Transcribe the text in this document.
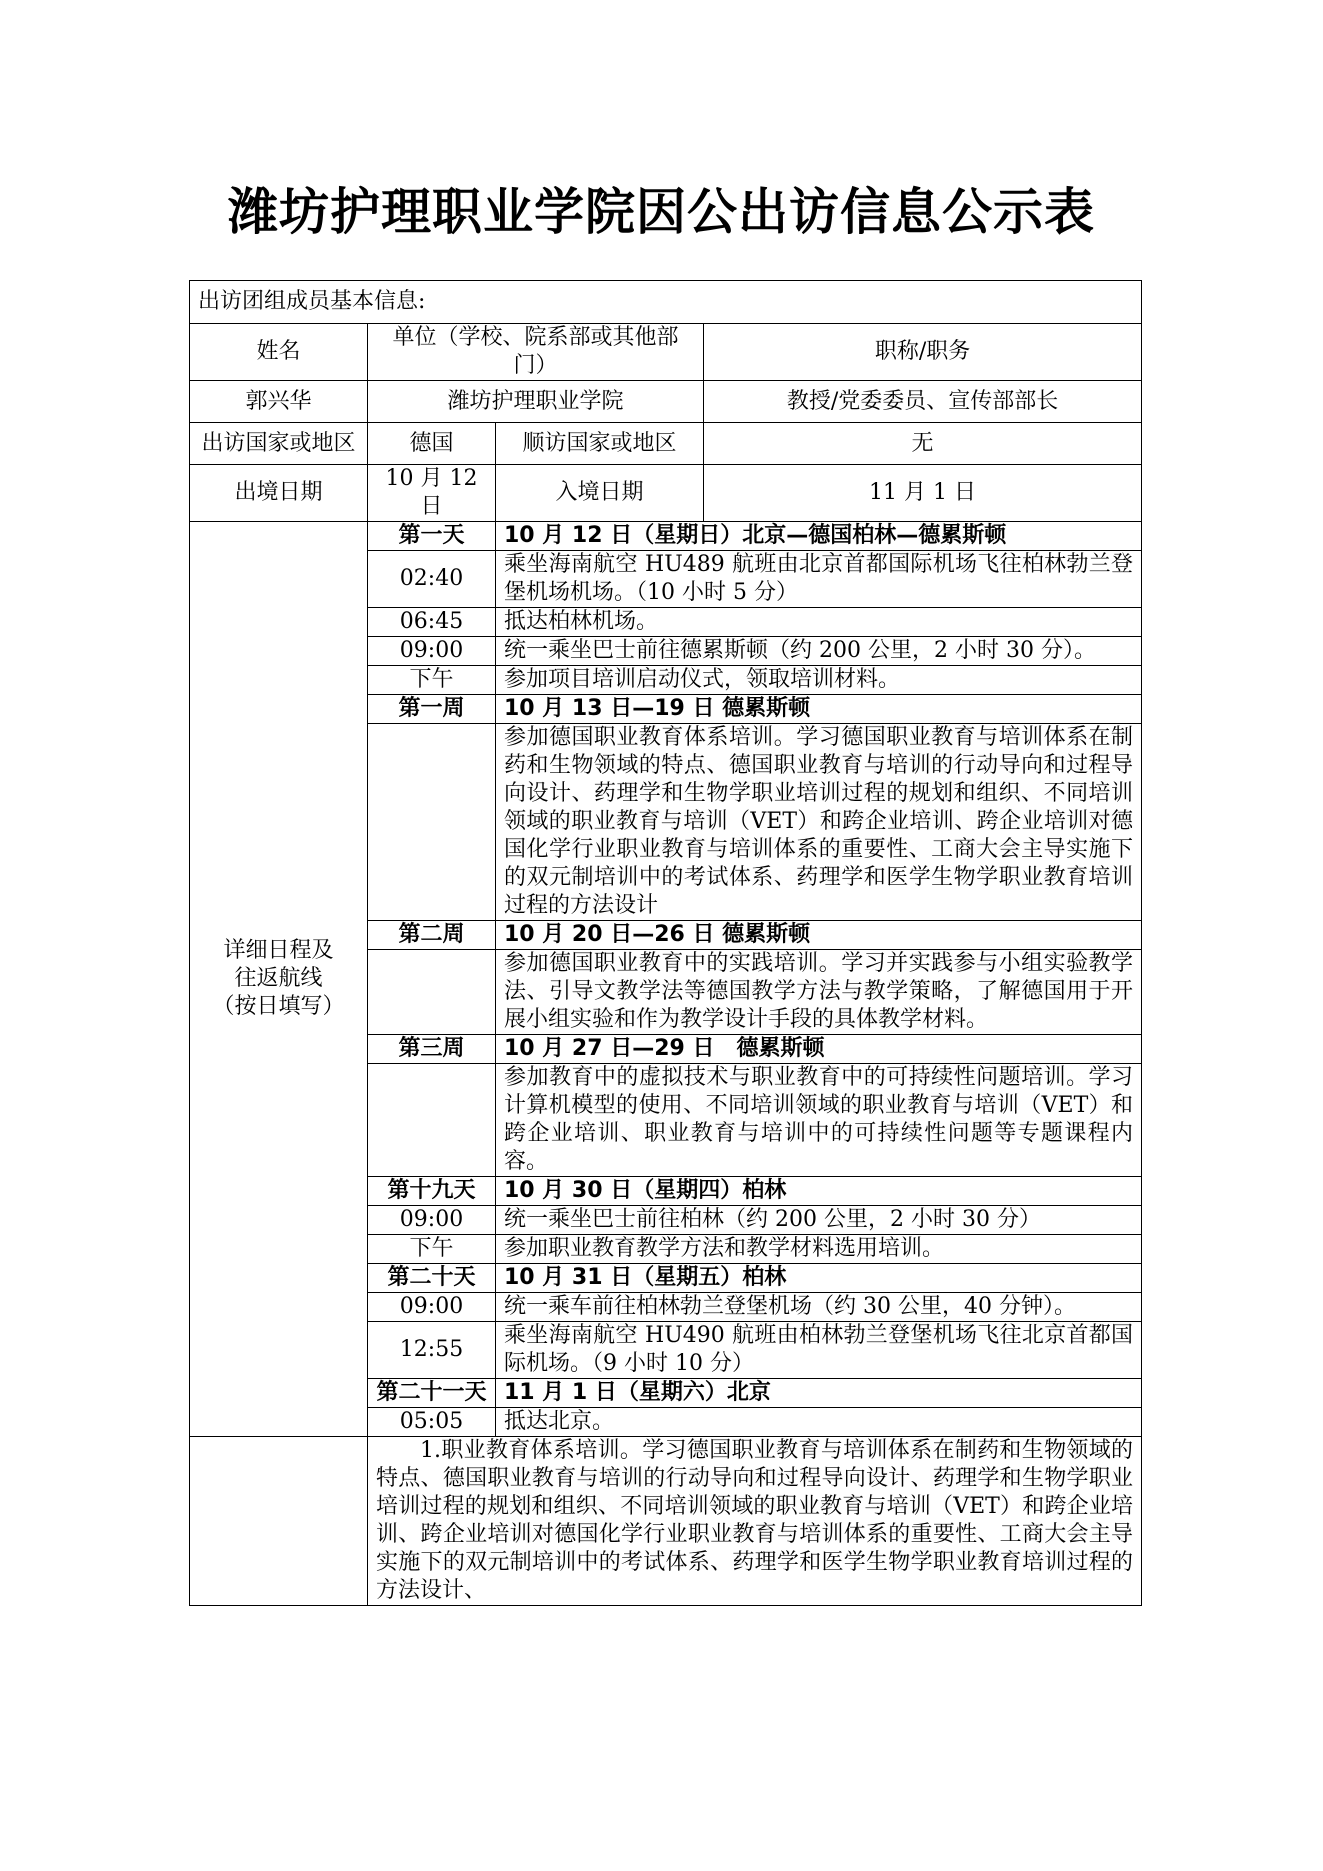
潍坊护理职业学院因公出访信息公示表
出访团组成员基本信息:			
姓名	单位（学校、院系部或其他部门）		职称/职务
郭兴华	潍坊护理职业学院		教授/党委委员、宣传部部长
出访国家或地区	德国	顺访国家或地区	无
出境日期	10 月 12 日	入境日期	11 月 1 日

详细日程及
往返航线
（按日填写）	第一天	10 月 12 日（星期日）北京—德国柏林—德累斯顿	
	02:40	乘坐海南航空 HU489 航班由北京首都国际机场飞往柏林勃兰登堡机场机场。（10 小时 5 分）	
	06:45	抵达柏林机场。	
	09:00	统一乘坐巴士前往德累斯顿（约 200 公里，2 小时 30 分）。	
	下午	参加项目培训启动仪式，领取培训材料。	
	第一周	10 月 13 日—19 日 德累斯顿	
		参加德国职业教育体系培训。学习德国职业教育与培训体系在制药和生物领域的特点、德国职业教育与培训的行动导向和过程导向设计、药理学和生物学职业培训过程的规划和组织、不同培训领域的职业教育与培训（VET）和跨企业培训、跨企业培训对德国化学行业职业教育与培训体系的重要性、工商大会主导实施下的双元制培训中的考试体系、药理学和医学生物学职业教育培训过程的方法设计	
	第二周	10 月 20 日—26 日 德累斯顿	
		参加德国职业教育中的实践培训。学习并实践参与小组实验教学法、引导文教学法等德国教学方法与教学策略，了解德国用于开展小组实验和作为教学设计手段的具体教学材料。	
	第三周	10 月 27 日—29 日　德累斯顿	
		参加教育中的虚拟技术与职业教育中的可持续性问题培训。学习计算机模型的使用、不同培训领域的职业教育与培训（VET）和跨企业培训、职业教育与培训中的可持续性问题等专题课程内容。	
	第十九天	10 月 30 日（星期四）柏林	
	09:00	统一乘坐巴士前往柏林（约 200 公里，2 小时 30 分）	
	下午	参加职业教育教学方法和教学材料选用培训。	
	第二十天	10 月 31 日（星期五）柏林	
	09:00	统一乘车前往柏林勃兰登堡机场（约 30 公里，40 分钟）。	
	12:55	乘坐海南航空 HU490 航班由柏林勃兰登堡机场飞往北京首都国际机场。（9 小时 10 分）	
	第二十一天	11 月 1 日（星期六）北京	
	05:05	抵达北京。	

	1.职业教育体系培训。学习德国职业教育与培训体系在制药和生物领域的特点、德国职业教育与培训的行动导向和过程导向设计、药理学和生物学职业培训过程的规划和组织、不同培训领域的职业教育与培训（VET）和跨企业培训、跨企业培训对德国化学行业职业教育与培训体系的重要性、工商大会主导实施下的双元制培训中的考试体系、药理学和医学生物学职业教育培训过程的方法设计、		
